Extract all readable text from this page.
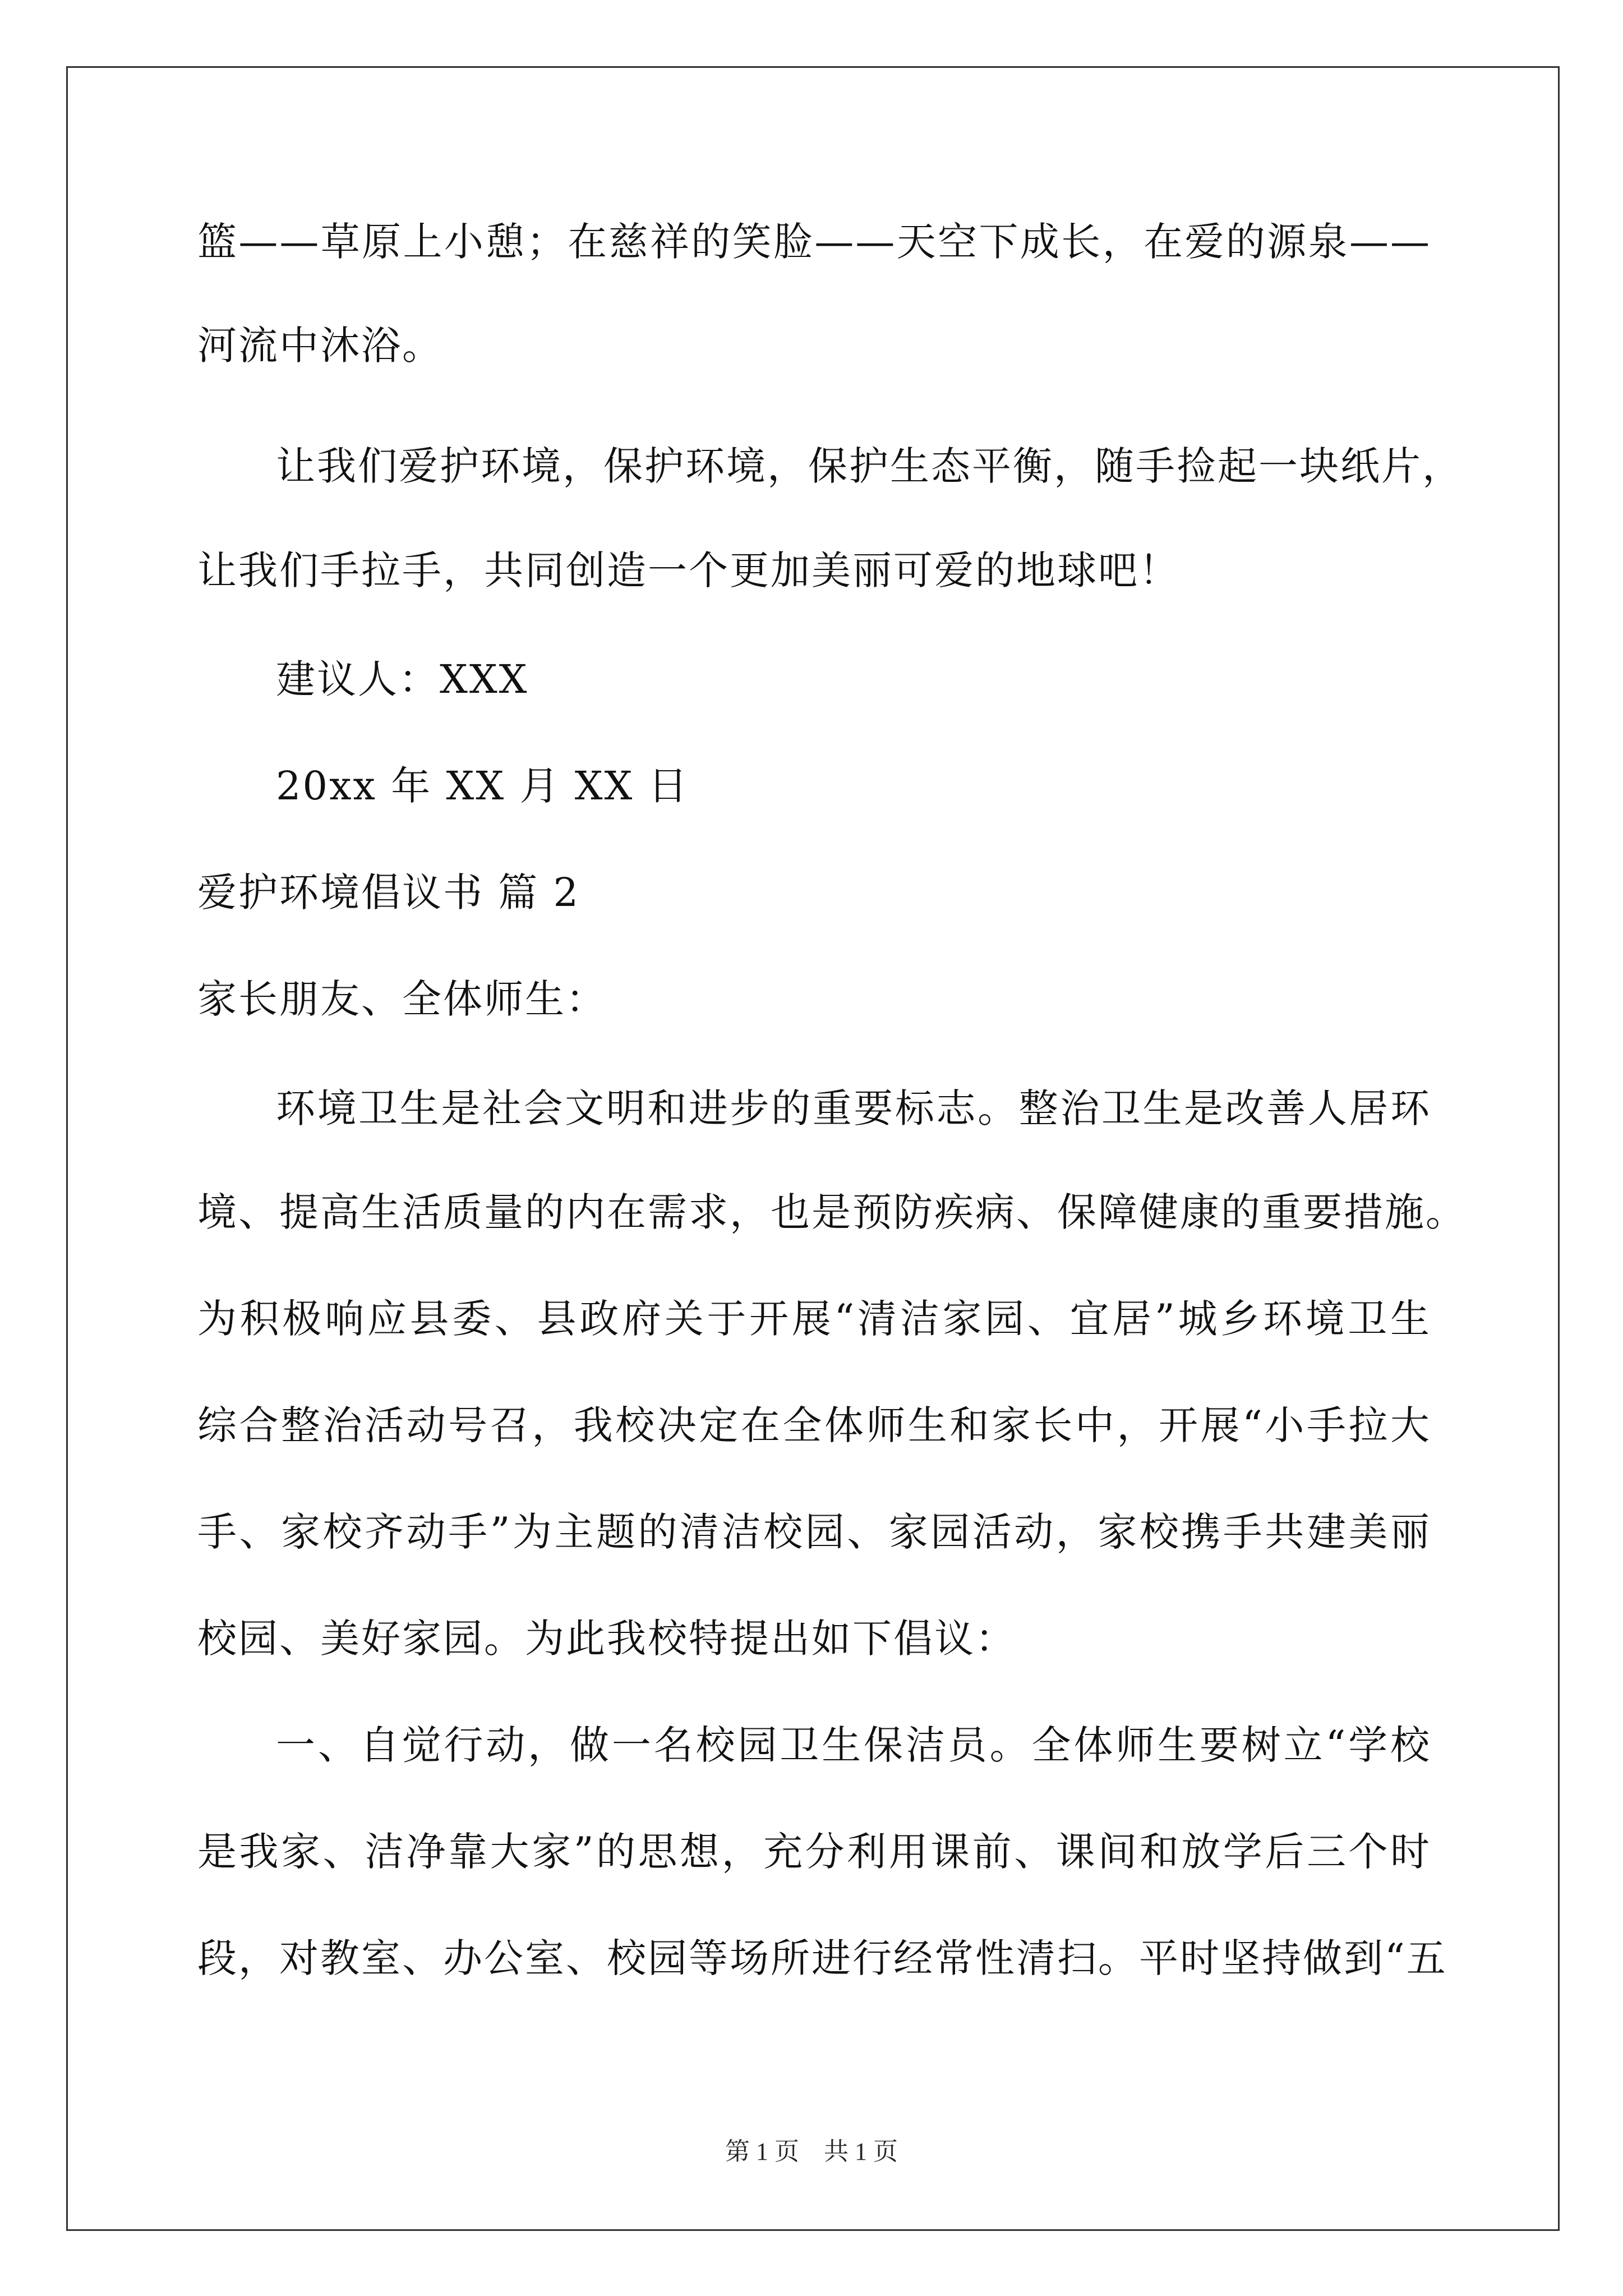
篮——草原上小憩；在慈祥的笑脸——天空下成长，在爱的源泉——
河流中沐浴。
让我们爱护环境，保护环境，保护生态平衡，随手捡起一块纸片，
让我们手拉手，共同创造一个更加美丽可爱的地球吧！
建议人：XXX
20xx 年 XX 月 XX 日
爱护环境倡议书 篇 2
家长朋友、全体师生：
环境卫生是社会文明和进步的重要标志。整治卫生是改善人居环
境、提高生活质量的内在需求，也是预防疾病、保障健康的重要措施。
为积极响应县委、县政府关于开展“清洁家园、宜居”城乡环境卫生
综合整治活动号召，我校决定在全体师生和家长中，开展“小手拉大
手、家校齐动手”为主题的清洁校园、家园活动，家校携手共建美丽
校园、美好家园。为此我校特提出如下倡议：
一、自觉行动，做一名校园卫生保洁员。全体师生要树立“学校
是我家、洁净靠大家”的思想，充分利用课前、课间和放学后三个时
段，对教室、办公室、校园等场所进行经常性清扫。平时坚持做到“五
第 1 页　共 1 页
